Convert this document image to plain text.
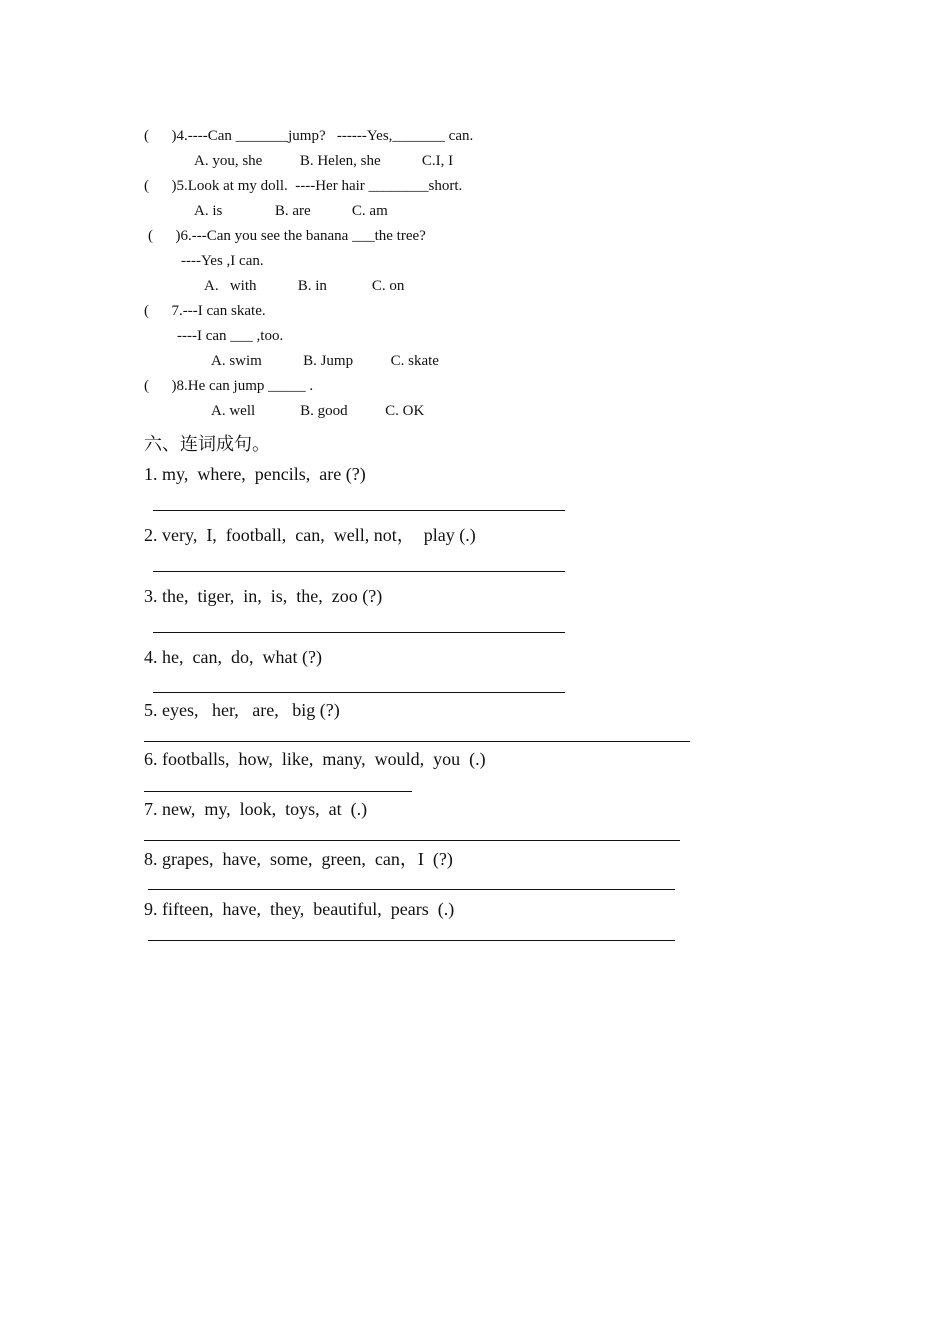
(      )4.----Can _______jump?   ------Yes,_______ can.
A. you, she          B. Helen, she           C.I, I
(      )5.Look at my doll.  ----Her hair ________short.
A. is              B. are           C. am
(      )6.---Can you see the banana ___the tree?
----Yes ,I can.
A.   with           B. in            C. on
(      7.---I can skate.
----I can ___ ,too.
A. swim           B. Jump          C. skate
(      )8.He can jump _____ .
A. well            B. good          C. OK
六、连词成句。
1. my,  where,  pencils,  are (?)
2. very,  I,  football,  can,  well, not，  play (.)
3. the,  tiger,  in,  is,  the,  zoo (?)
4. he,  can,  do,  what (?)
5. eyes,   her,   are,   big (?)
6. footballs,  how,  like,  many,  would,  you  (.)
7. new,  my,  look,  toys,  at  (.)
8. grapes,  have,  some,  green,  can，I  (?)
9. fifteen,  have,  they,  beautiful,  pears  (.)
